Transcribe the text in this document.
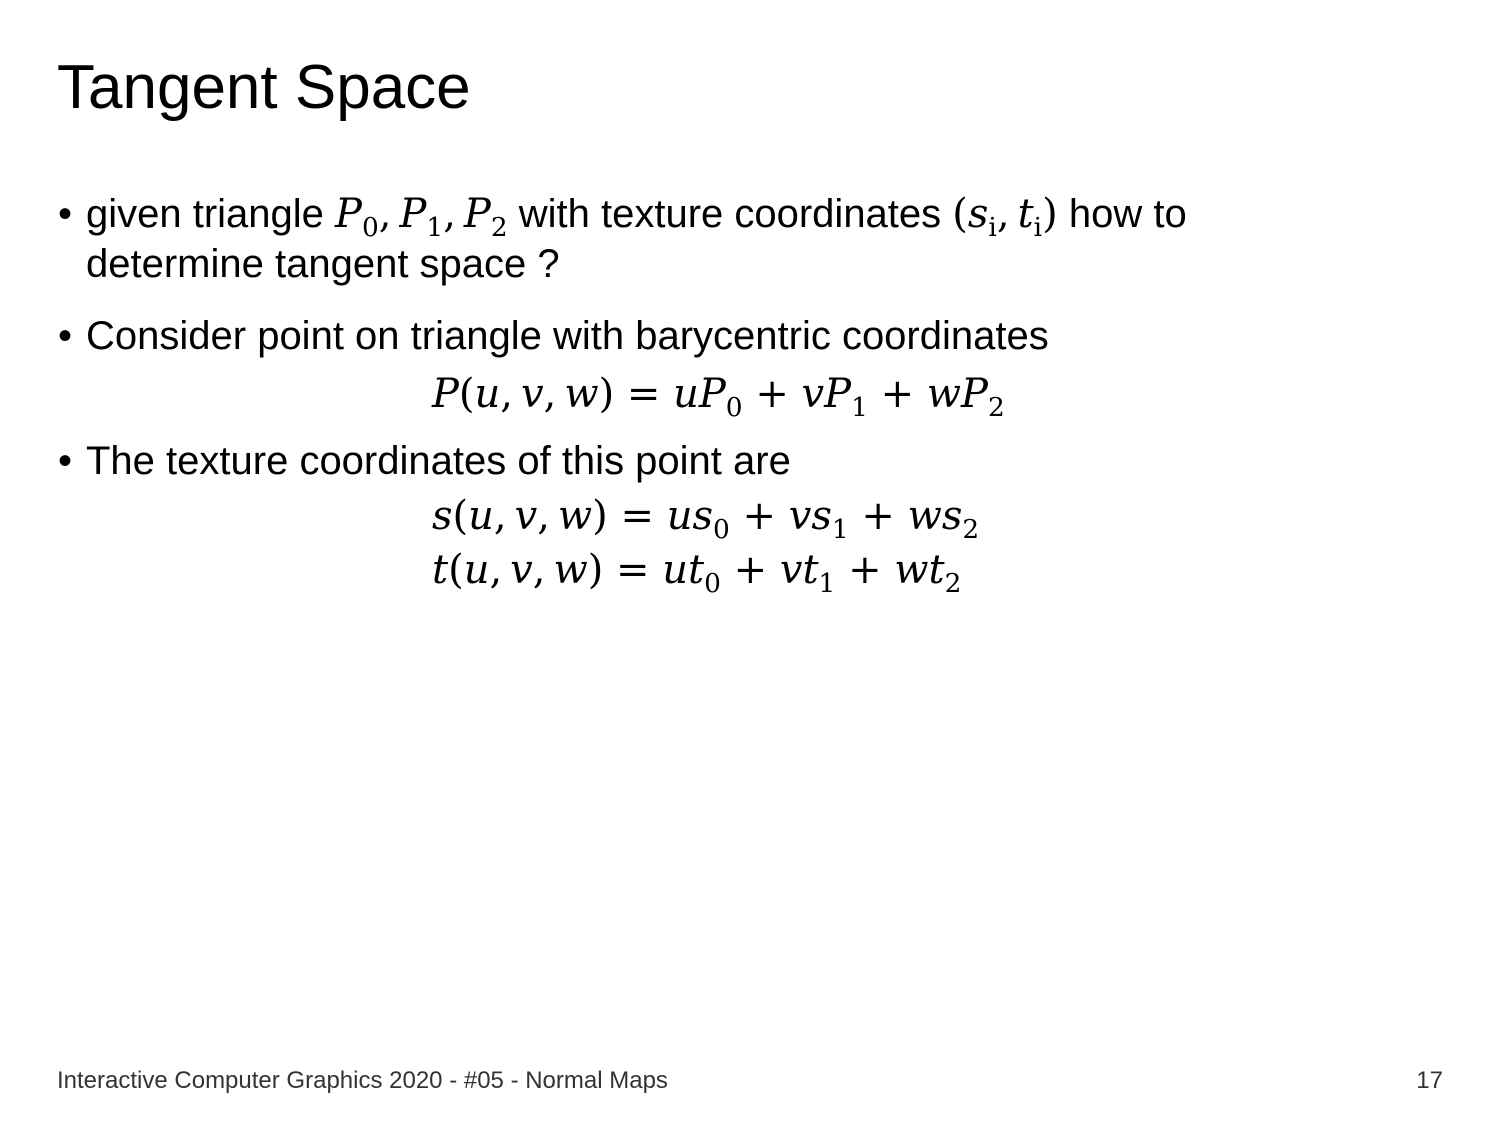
Tangent Space
• given triangle $P_0$, $P_1$, $P_2$ with texture coordinates ($s_i$, $t_i$) how to
determine tangent space ?
• Consider point on triangle with barycentric coordinates
P(u, v, $w) = uP_0 + vP_1 + wP_2$
• The texture coordinates of this point are
s(u, v, $w) = us_0 + vs_1 + ws_2$
t(u, v, $w) = ut_0 + vt_1 + wt_2$
Interactive Computer Graphics 2020 - #05 - Normal Maps	17
